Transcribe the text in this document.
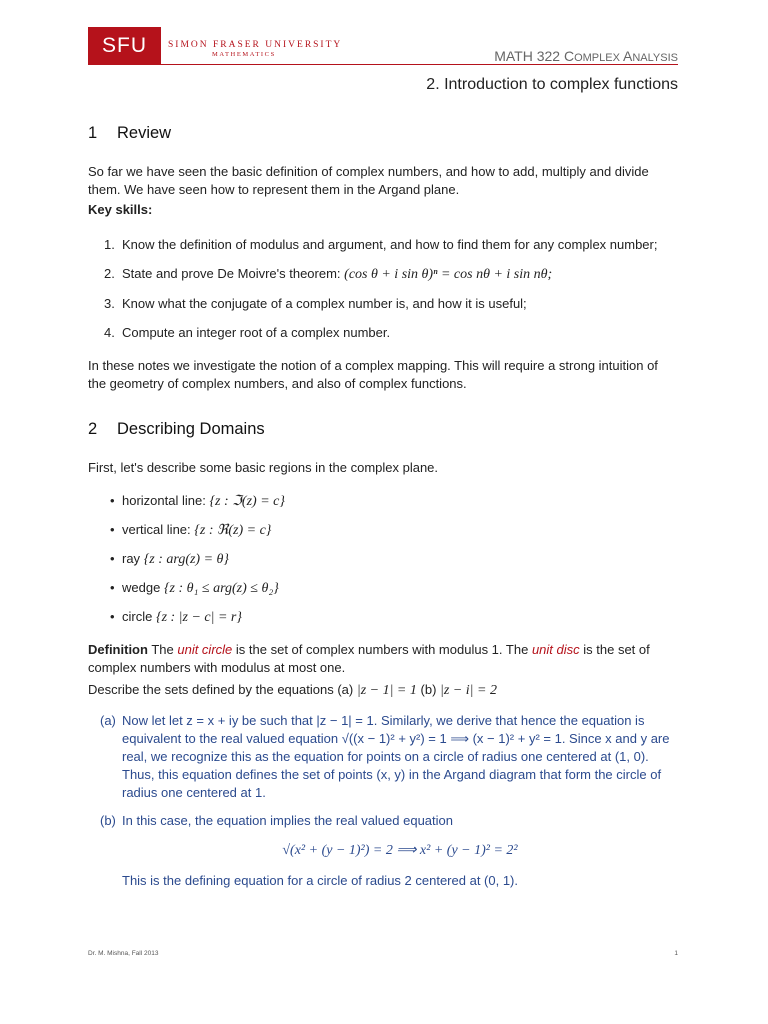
SFU SIMON FRASER UNIVERSITY
MATHEMATICS	MATH 322 COMPLEX ANALYSIS
2. Introduction to complex functions
1 Review

So far we have seen the basic definition of complex numbers, and how to add, multiply and divide them. We have seen how to represent them in the Argand plane.

Key skills:

1. Know the definition of modulus and argument, and how to find them for any complex number;
2. State and prove De Moivre's theorem: (cos θ + i sin θ)ⁿ = cos nθ + i sin nθ;
3. Know what the conjugate of a complex number is, and how it is useful;
4. Compute an integer root of a complex number.

In these notes we investigate the notion of a complex mapping. This will require a strong intuition of the geometry of complex numbers, and also of complex functions.

2 Describing Domains

First, let's describe some basic regions in the complex plane.

• horizontal line: {z : ℑ(z) = c}
• vertical line: {z : ℜ(z) = c}
• ray {z : arg(z) = θ}
• wedge {z : θ₁ ≤ arg(z) ≤ θ₂}
• circle {z : |z − c| = r}

Definition The unit circle is the set of complex numbers with modulus 1. The unit disc is the set of complex numbers with modulus at most one.

Describe the sets defined by the equations (a) |z − 1| = 1 (b) |z − i| = 2

(a) Now let let z = x + iy be such that |z − 1| = 1. Similarly, we derive that hence the equation is equivalent to the real valued equation √((x − 1)² + y²) = 1 ⟹ (x − 1)² + y² = 1. Since x and y are real, we recognize this as the equation for points on a circle of radius one centered at (1, 0). Thus, this equation defines the set of points (x, y) in the Argand diagram that form the circle of radius one centered at 1.
(b) In this case, the equation implies the real valued equation
√(x² + (y − 1)²) = 2 ⟹ x² + (y − 1)² = 2²
This is the defining equation for a circle of radius 2 centered at (0, 1).
Dr. M. Mishna, Fall 2013	1
